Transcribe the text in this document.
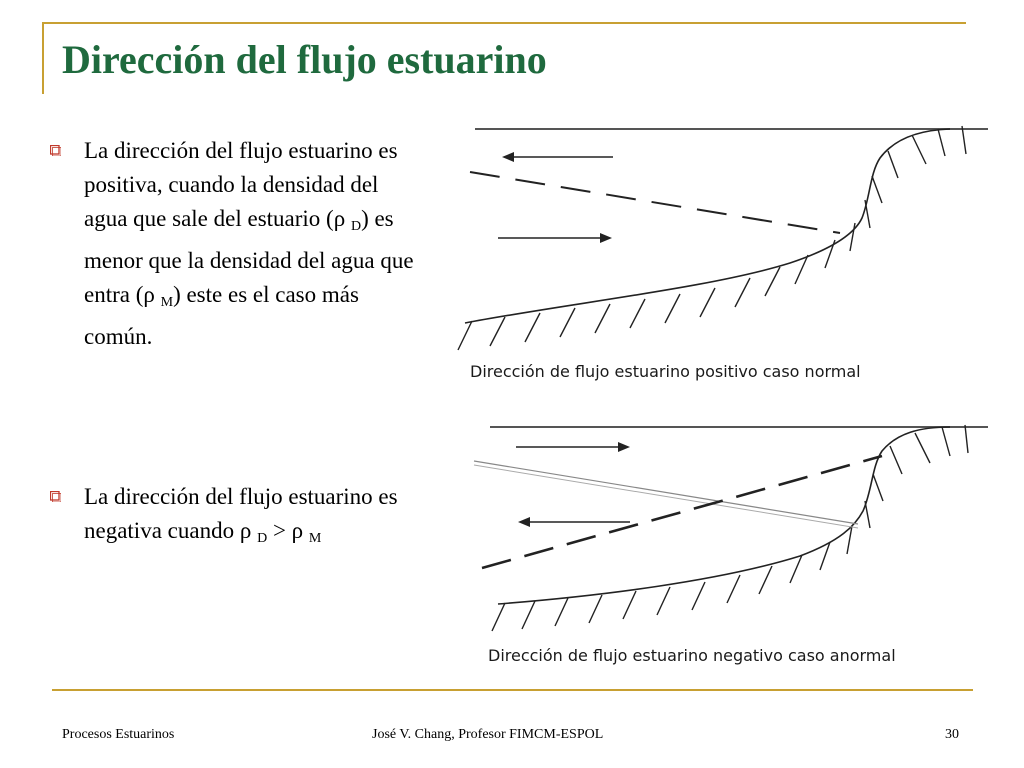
Dirección del flujo estuarino
La dirección del flujo estuarino es positiva, cuando la densidad del agua que sale del estuario (ρ $_D$) es menor que la densidad del agua que entra (ρ $_M$) este es el caso más común.
La dirección del flujo estuarino es negativa cuando ρ $_D$ > ρ $_M$
Dirección de flujo estuarino positivo caso normal
Dirección de flujo estuarino negativo caso anormal
Procesos Estuarinos	José V. Chang, Profesor FIMCM-ESPOL	30
